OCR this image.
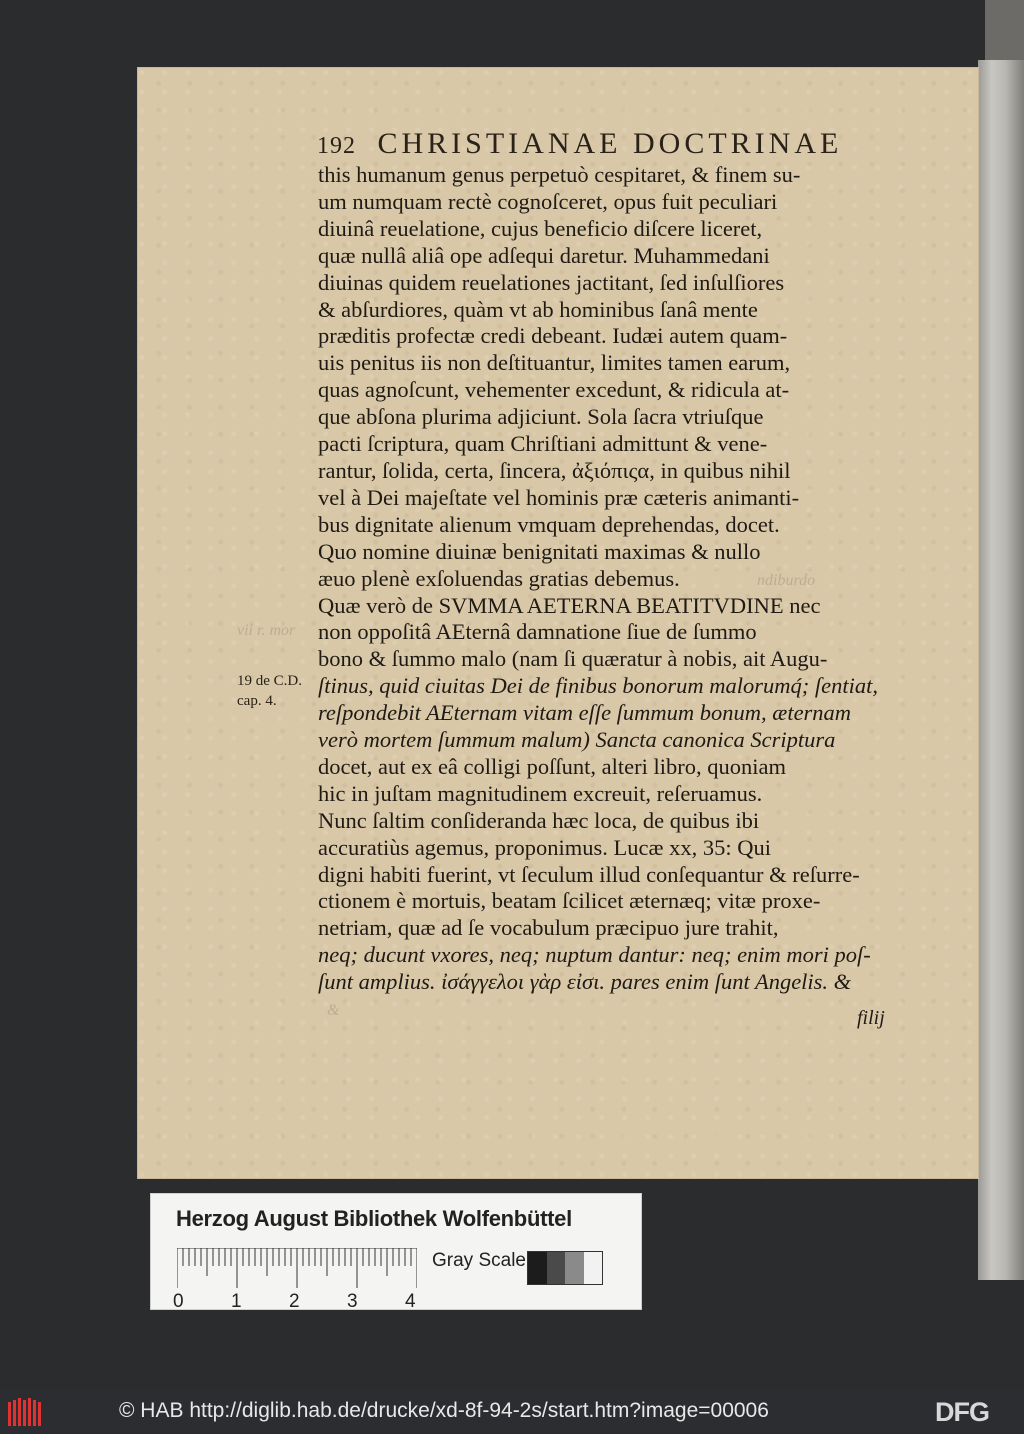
192 CHRISTIANAE DOCTRINAE
this humanum genus perpetuò cespitaret, & finem su-
um numquam rectè cognoſceret, opus fuit peculiari
diuinâ reuelatione, cujus beneficio diſcere liceret,
quæ nullâ aliâ ope adſequi daretur. Muhammedani
diuinas quidem reuelationes jactitant, ſed inſulſiores
& abſurdiores, quàm vt ab hominibus ſanâ mente
præditis profectæ credi debeant. Iudæi autem quam-
uis penitus iis non deſtituantur, limites tamen earum,
quas agnoſcunt, vehementer excedunt, & ridicula at-
que abſona plurima adjiciunt. Sola ſacra vtriuſque
pacti ſcriptura, quam Chriſtiani admittunt & vene-
rantur, ſolida, certa, ſincera, ἀξιόπιςα, in quibus nihil
vel à Dei majeſtate vel hominis præ cæteris animanti-
bus dignitate alienum vmquam deprehendas, docet.
Quo nomine diuinæ benignitati maximas & nullo
æuo plenè exſoluendas gratias debemus.
Quæ verò de SVMMA AETERNA BEATITVDINE nec
non oppoſitâ AEternâ damnatione ſiue de ſummo
bono & ſummo malo (nam ſi quæratur à nobis, ait Augu-
ſtinus, quid ciuitas Dei de finibus bonorum malorumq́; ſentiat,
reſpondebit AEternam vitam eſſe ſummum bonum, æternam
verò mortem ſummum malum) Sancta canonica Scriptura
docet, aut ex eâ colligi poſſunt, alteri libro, quoniam
hic in juſtam magnitudinem excreuit, reſeruamus.
Nunc ſaltim conſideranda hæc loca, de quibus ibi
accuratiùs agemus, proponimus. Lucæ xx, 35: Qui
digni habiti fuerint, vt ſeculum illud conſequantur & reſurre-
ctionem è mortuis, beatam ſcilicet æternæq; vitæ proxe-
netriam, quæ ad ſe vocabulum præcipuo jure trahit,
neq; ducunt vxores, neq; nuptum dantur: neq; enim mori poſ-
ſunt amplius. ἰσάγγελοι γὰρ εἰσι. pares enim ſunt Angelis. &
19 de C.D.
cap. 4.
filij
ndiburdo
vii r. mor
&
Herzog August Bibliothek Wolfenbüttel
0 1 2 3 4
Gray Scale
© HAB http://diglib.hab.de/drucke/xd-8f-94-2s/start.htm?image=00006	DFG
